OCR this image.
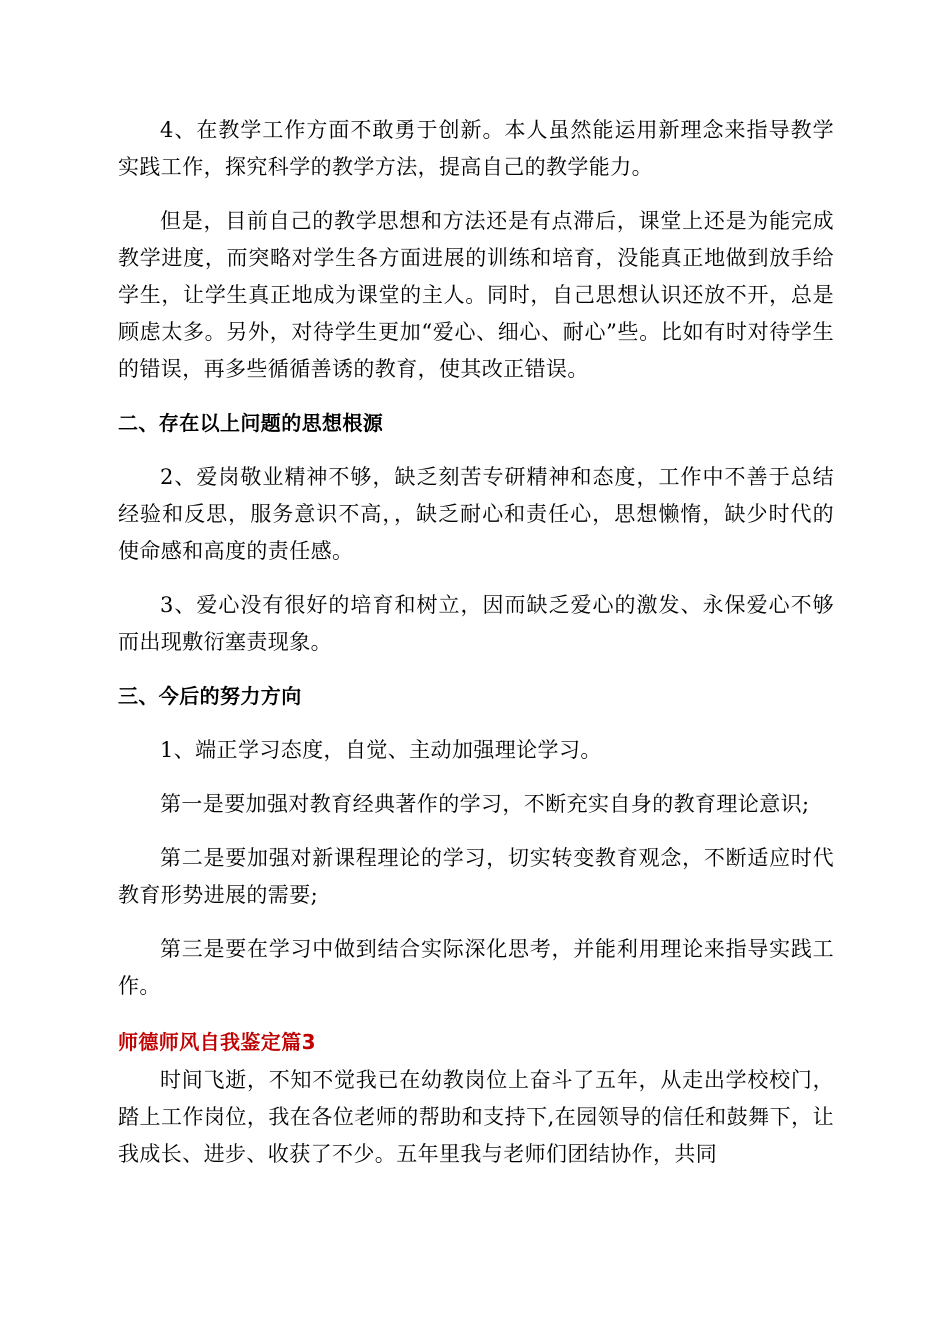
4、在教学工作方面不敢勇于创新。本人虽然能运用新理念来指导教学实践工作，探究科学的教学方法，提高自己的教学能力。

但是，目前自己的教学思想和方法还是有点滞后，课堂上还是为能完成教学进度，而突略对学生各方面进展的训练和培育，没能真正地做到放手给学生，让学生真正地成为课堂的主人。同时，自己思想认识还放不开，总是顾虑太多。另外，对待学生更加“爱心、细心、耐心”些。比如有时对待学生的错误，再多些循循善诱的教育，使其改正错误。

二、存在以上问题的思想根源

2、爱岗敬业精神不够，缺乏刻苦专研精神和态度，工作中不善于总结经验和反思，服务意识不高，，缺乏耐心和责任心，思想懒惰，缺少时代的使命感和高度的责任感。

3、爱心没有很好的培育和树立，因而缺乏爱心的激发、永保爱心不够而出现敷衍塞责现象。

三、今后的努力方向

1、端正学习态度，自觉、主动加强理论学习。

第一是要加强对教育经典著作的学习，不断充实自身的教育理论意识;

第二是要加强对新课程理论的学习，切实转变教育观念，不断适应时代教育形势进展的需要;

第三是要在学习中做到结合实际深化思考，并能利用理论来指导实践工作。

师德师风自我鉴定篇3

时间飞逝，不知不觉我已在幼教岗位上奋斗了五年，从走出学校校门，踏上工作岗位，我在各位老师的帮助和支持下,在园领导的信任和鼓舞下，让我成长、进步、收获了不少。五年里我与老师们团结协作，共同
